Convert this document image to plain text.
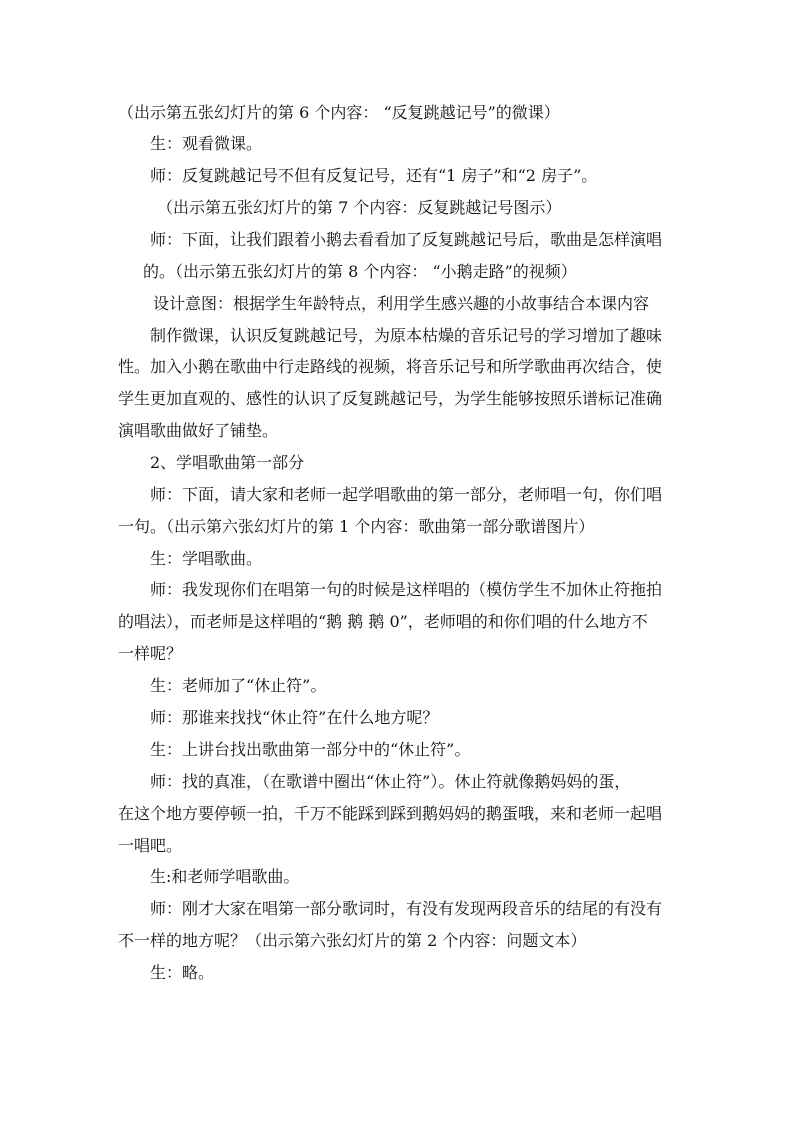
（出示第五张幻灯片的第 6 个内容： “反复跳越记号”的微课）
生：观看微课。
师：反复跳越记号不但有反复记号，还有“1 房子”和“2 房子”。
（出示第五张幻灯片的第 7 个内容：反复跳越记号图示）
师：下面，让我们跟着小鹅去看看加了反复跳越记号后，歌曲是怎样演唱
的。（出示第五张幻灯片的第 8 个内容： “小鹅走路”的视频）
设计意图：根据学生年龄特点，利用学生感兴趣的小故事结合本课内容
制作微课，认识反复跳越记号，为原本枯燥的音乐记号的学习增加了趣味
性。加入小鹅在歌曲中行走路线的视频，将音乐记号和所学歌曲再次结合，使
学生更加直观的、感性的认识了反复跳越记号，为学生能够按照乐谱标记准确
演唱歌曲做好了铺垫。
2、学唱歌曲第一部分
师：下面，请大家和老师一起学唱歌曲的第一部分，老师唱一句，你们唱
一句。（出示第六张幻灯片的第 1 个内容：歌曲第一部分歌谱图片）
生：学唱歌曲。
师：我发现你们在唱第一句的时候是这样唱的（模仿学生不加休止符拖拍
的唱法），而老师是这样唱的“鹅 鹅 鹅 0”，老师唱的和你们唱的什么地方不
一样呢？
生：老师加了“休止符”。
师：那谁来找找“休止符”在什么地方呢？
生：上讲台找出歌曲第一部分中的“休止符”。
师：找的真准，（在歌谱中圈出“休止符”）。休止符就像鹅妈妈的蛋，
在这个地方要停顿一拍，千万不能踩到踩到鹅妈妈的鹅蛋哦，来和老师一起唱
一唱吧。
生:和老师学唱歌曲。
师：刚才大家在唱第一部分歌词时，有没有发现两段音乐的结尾的有没有
不一样的地方呢？（出示第六张幻灯片的第 2 个内容：问题文本）
生：略。
